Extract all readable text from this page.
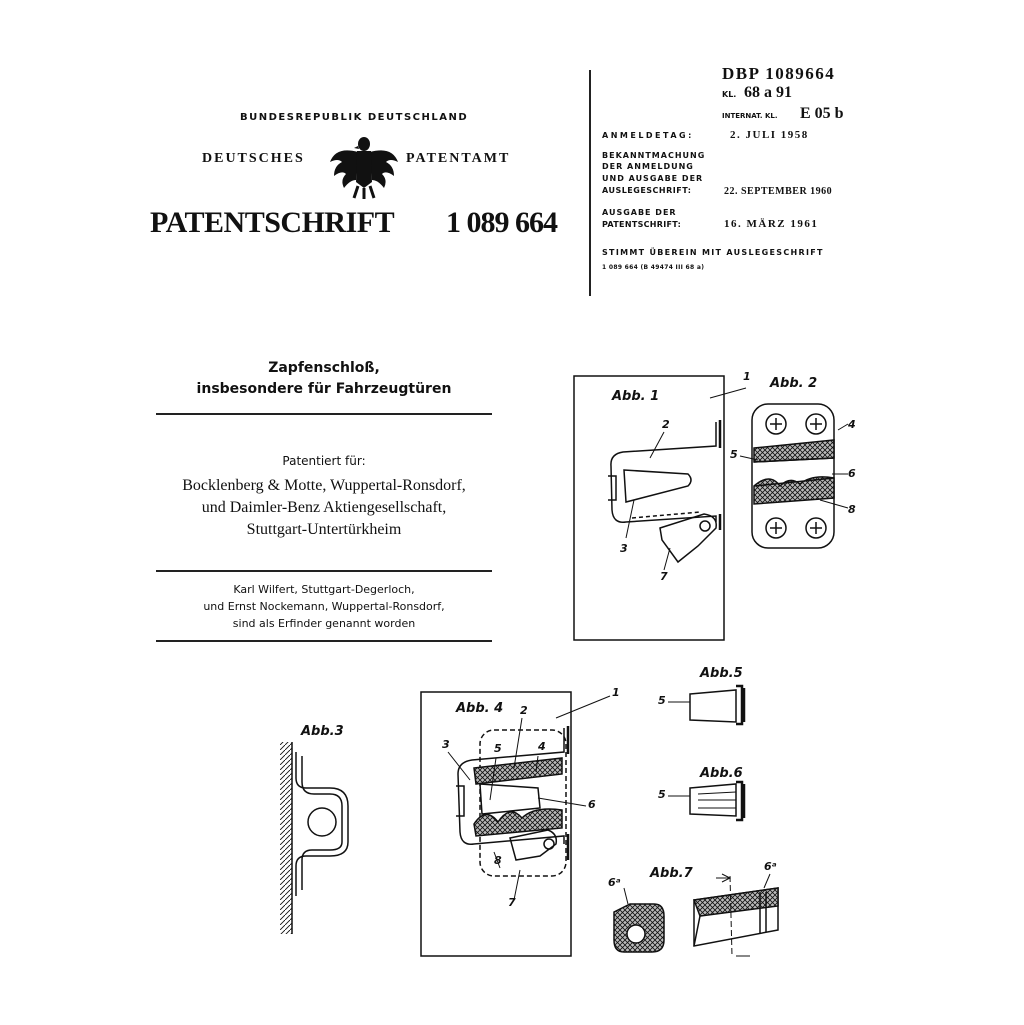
BUNDESREPUBLIK DEUTSCHLAND
DEUTSCHES	PATENTAMT
PATENTSCHRIFT 1 089 664
DBP 1089664
KL. 68 a 91
INTERNAT. KL. E 05 b
ANMELDETAG:	2. JULI 1958
BEKANNTMACHUNG
DER ANMELDUNG
UND AUSGABE DER
AUSLEGESCHRIFT:	22. SEPTEMBER 1960
AUSGABE DER
PATENTSCHRIFT:	16. MÄRZ 1961
STIMMT ÜBEREIN MIT AUSLEGESCHRIFT
1 089 664 (B 49474 III 68 a)
Zapfenschloß,
insbesondere für Fahrzeugtüren
Patentiert für:
Bocklenberg & Motte, Wuppertal-Ronsdorf,
und Daimler-Benz Aktiengesellschaft,
Stuttgart-Untertürkheim
Karl Wilfert, Stuttgart-Degerloch,
und Ernst Nockemann, Wuppertal-Ronsdorf,
sind als Erfinder genannt worden
Abb. 1
Abb. 2
Abb.3
Abb. 4
Abb.5
Abb.6
Abb.7
1
2
3
7
4
5
6
8
1
2
3	5	4
6
8
7
5
5
6ᵃ
6ᵃ
